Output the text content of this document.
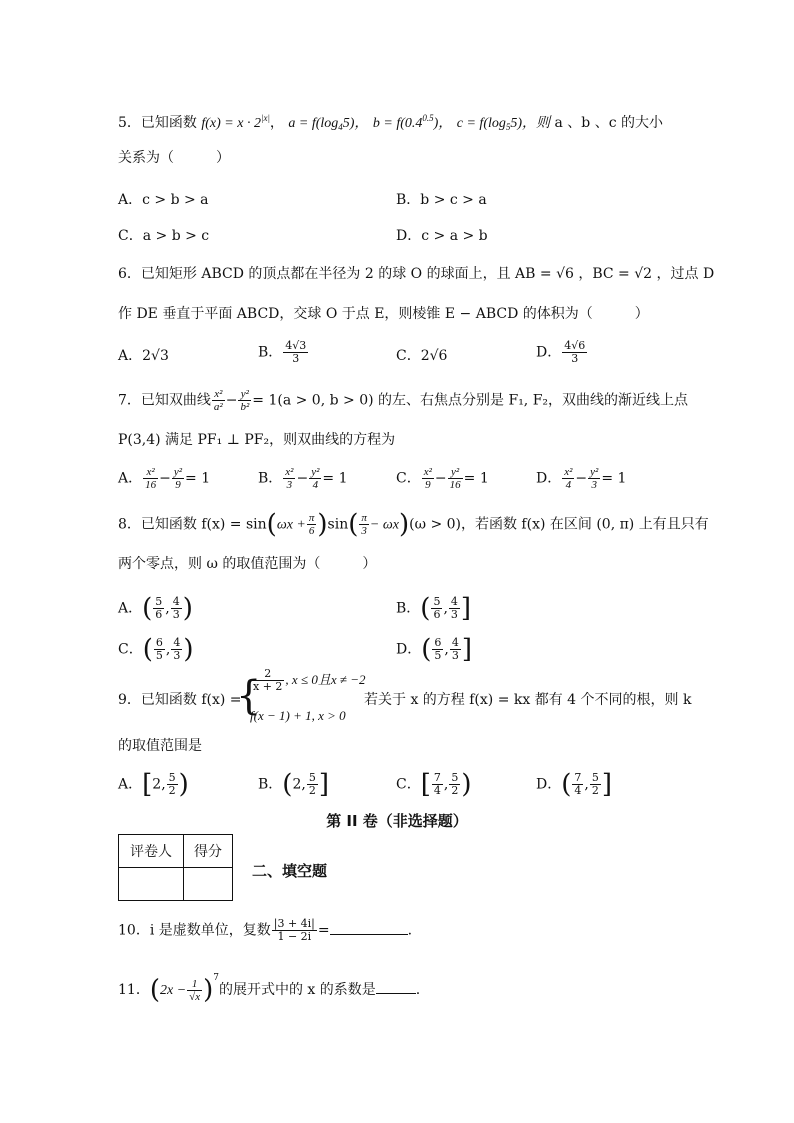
5．已知函数 $f(x) = x \cdot 2^{|x|}$， $a = f(\log_45)$， $b = f(0.4^{0.5})$， $c = f(\log_55)$，则 a 、b 、c 的大小
关系为（　　　）
A．c > b > a	B．b > c > a
C．a > b > c	D．c > a > b
6．已知矩形 ABCD 的顶点都在半径为 2 的球 O 的球面上，且 AB = √6 ，BC = √2 ，过点 D
作 DE 垂直于平面 ABCD，交球 O 于点 E，则棱锥 E − ABCD 的体积为（　　　）
A．2√3	B． $\frac{4√3}{3}$	C．2√6	D． $\frac{4√6}{3}$
7．已知双曲线 $\frac{\text{x²}}{\text{a²}} - \frac{\text{y²}}{\text{b²}} = 1(a > 0$, b > 0) 的左、右焦点分别是 F₁, F₂，双曲线的渐近线上点
P(3,4) 满足 PF₁ ⊥ PF₂，则双曲线的方程为
A． $\frac{\text{x²}}{16} - \frac{\text{y²}}{9} = 1$	B． $\frac{\text{x²}}{3} - \frac{\text{y²}}{4} = 1$	C． $\frac{\text{x²}}{9} - \frac{\text{y²}}{16} = 1$	D． $\frac{\text{x²}}{4} - \frac{\text{y²}}{3} = 1$
8．已知函数 $f(x) = \sin(\omega x + \frac{\pi}{6} )\sin( \frac{\pi}{3} - \omega x)(\omega > 0)$，若函数 f(x) 在区间 (0, π) 上有且只有
两个零点，则 ω 的取值范围为（　　　）
A．( $\frac{5}{6}$ , $\frac{4}{3}$ )	B．( $\frac{5}{6}$ , $\frac{4}{3}$ ]
C．( $\frac{6}{5}$ , $\frac{4}{3}$ )	D．( $\frac{6}{5}$ , $\frac{4}{3}$ ]
9．已知函数 f(x) =
{
$\frac{2}{x + 2}$ , x ≤ 0且x ≠ −2
f(x − 1) + 1, x > 0
若关于 x 的方程 f(x) = kx 都有 4 个不同的根，则 k
的取值范围是
A．[2, $\frac{5}{2}$ )	B．(2, $\frac{5}{2}$ ]	C．[ $\frac{7}{4}$ , $\frac{5}{2}$ )	D．( $\frac{7}{4}$ , $\frac{5}{2}$ ]
第 II 卷（非选择题）
评卷人	得分

二、填空题
10．i 是虚数单位，复数 $\frac{|3 + 4i|}{1 - 2i}$ =	.
11．$(2x - \frac{1}{√x} )^7$的展开式中的 x 的系数是	.
